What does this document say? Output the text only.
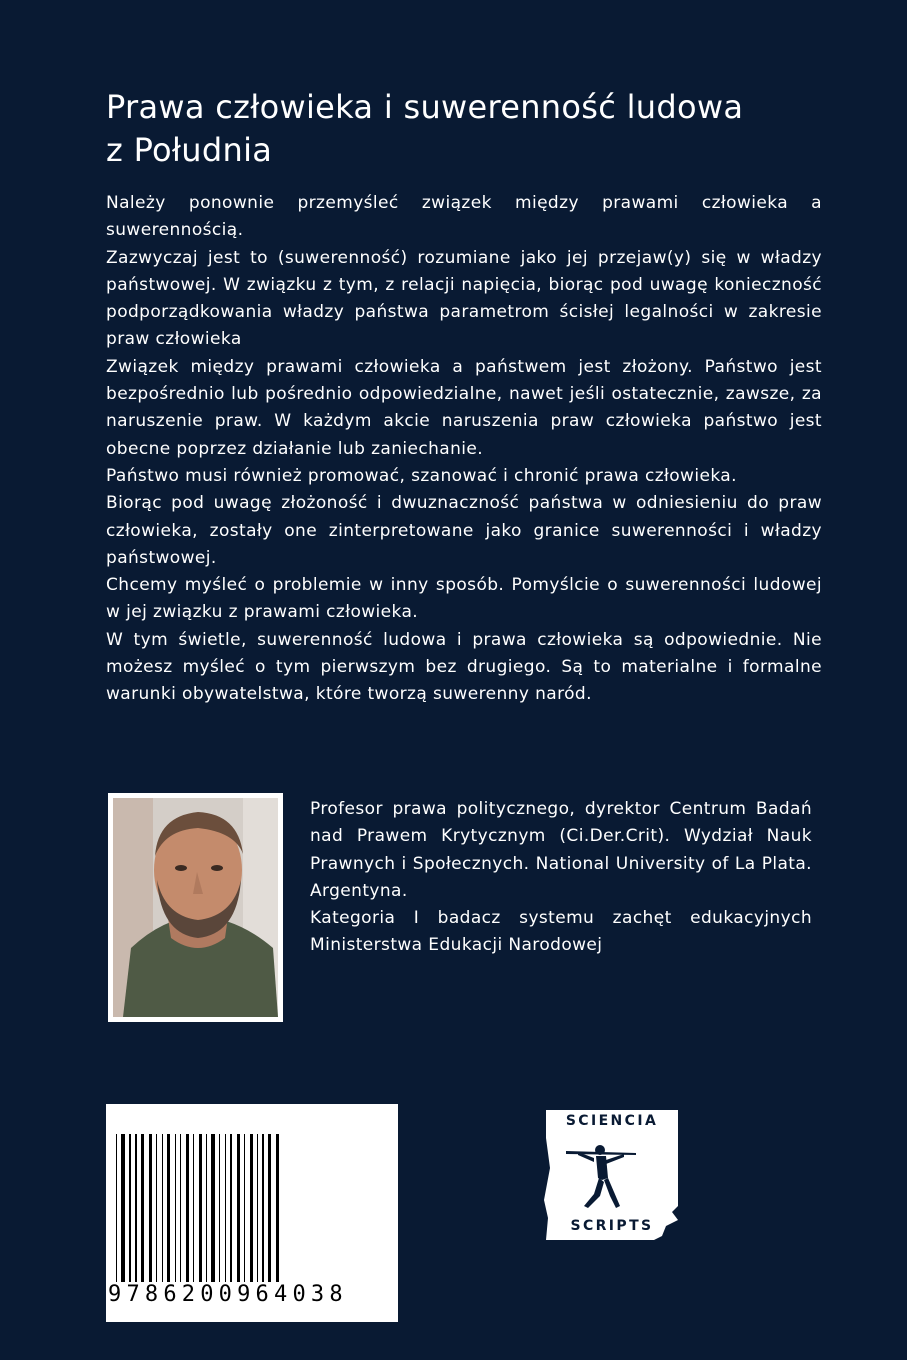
Prawa człowieka i suwerenność ludowa
z Południa

Należy ponownie przemyśleć związek między prawami człowieka a suwerennością.

Zazwyczaj jest to (suwerenność) rozumiane jako jej przejaw(y) się w władzy państwowej. W związku z tym, z relacji napięcia, biorąc pod uwagę konieczność podporządkowania władzy państwa parametrom ścisłej legalności w zakresie praw człowieka

Związek między prawami człowieka a państwem jest złożony. Państwo jest bezpośrednio lub pośrednio odpowiedzialne, nawet jeśli ostatecznie, zawsze, za naruszenie praw. W każdym akcie naruszenia praw człowieka państwo jest obecne poprzez działanie lub zaniechanie.

Państwo musi również promować, szanować i chronić prawa człowieka.

Biorąc pod uwagę złożoność i dwuznaczność państwa w odniesieniu do praw człowieka, zostały one zinterpretowane jako granice suwerenności i władzy państwowej.

Chcemy myśleć o problemie w inny sposób. Pomyślcie o suwerenności ludowej w jej związku z prawami człowieka.

W tym świetle, suwerenność ludowa i prawa człowieka są odpowiednie. Nie możesz myśleć o tym pierwszym bez drugiego. Są to materialne i formalne warunki obywatelstwa, które tworzą suwerenny naród.

Profesor prawa politycznego, dyrektor Centrum Badań nad Prawem Krytycznym (Ci.Der.Crit). Wydział Nauk Prawnych i Społecznych. National University of La Plata. Argentyna.

Kategoria I badacz systemu zachęt edukacyjnych Ministerstwa Edukacji Narodowej

9786200964038
SCIENCIA
SCRIPTS
